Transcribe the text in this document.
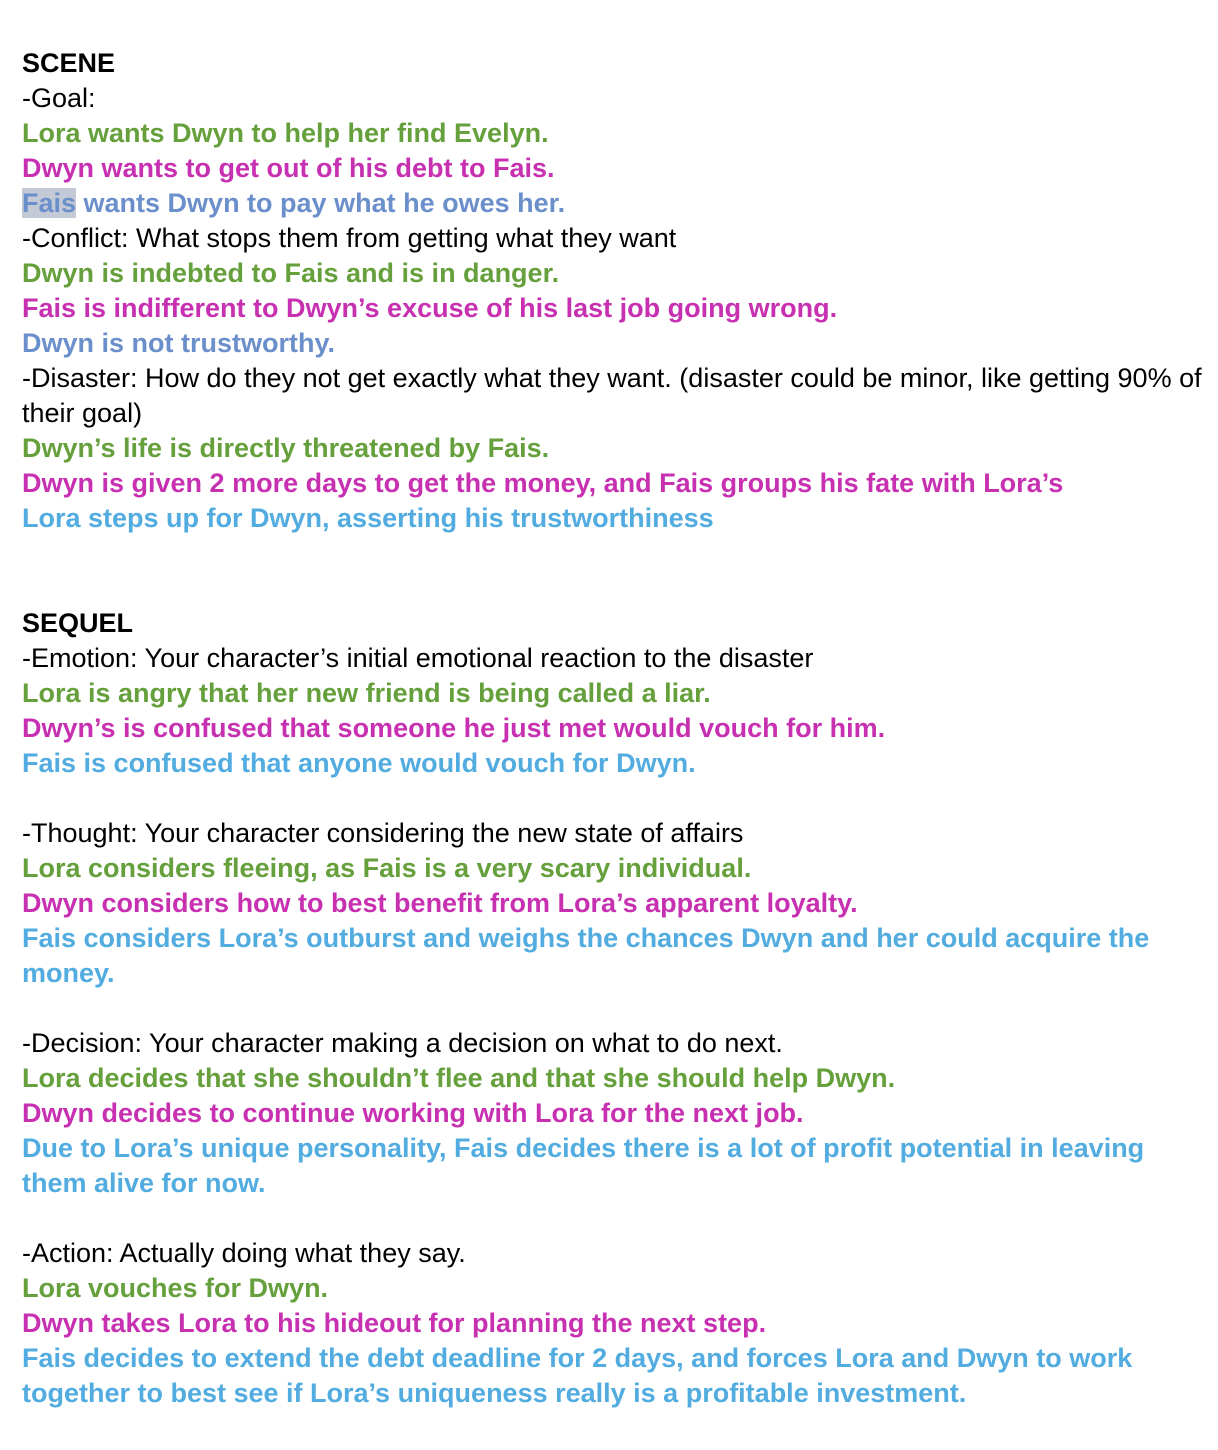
SCENE
-Goal:
Lora wants Dwyn to help her find Evelyn.
Dwyn wants to get out of his debt to Fais.
Fais wants Dwyn to pay what he owes her.
-Conflict: What stops them from getting what they want
Dwyn is indebted to Fais and is in danger.
Fais is indifferent to Dwyn’s excuse of his last job going wrong.
Dwyn is not trustworthy.
-Disaster: How do they not get exactly what they want. (disaster could be minor, like getting 90% of their goal)
Dwyn’s life is directly threatened by Fais.
Dwyn is given 2 more days to get the money, and Fais groups his fate with Lora’s
Lora steps up for Dwyn, asserting his trustworthiness
SEQUEL
-Emotion: Your character’s initial emotional reaction to the disaster
Lora is angry that her new friend is being called a liar.
Dwyn’s is confused that someone he just met would vouch for him.
Fais is confused that anyone would vouch for Dwyn.
-Thought: Your character considering the new state of affairs
Lora considers fleeing, as Fais is a very scary individual.
Dwyn considers how to best benefit from Lora’s apparent loyalty.
Fais considers Lora’s outburst and weighs the chances Dwyn and her could acquire the money.
-Decision: Your character making a decision on what to do next.
Lora decides that she shouldn’t flee and that she should help Dwyn.
Dwyn decides to continue working with Lora for the next job.
Due to Lora’s unique personality, Fais decides there is a lot of profit potential in leaving them alive for now.
-Action: Actually doing what they say.
Lora vouches for Dwyn.
Dwyn takes Lora to his hideout for planning the next step.
Fais decides to extend the debt deadline for 2 days, and forces Lora and Dwyn to work together to best see if Lora’s uniqueness really is a profitable investment.
